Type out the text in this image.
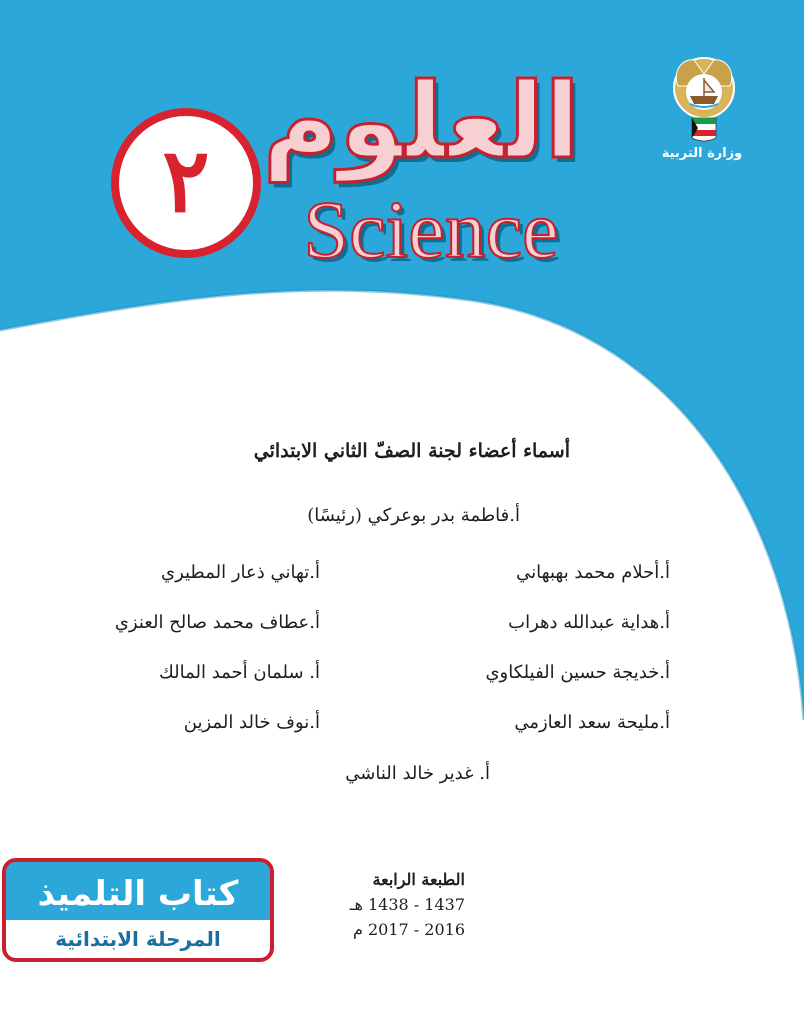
وزارة التربية
العلوم
Science
٢
الصفّ الثاني
الجزء الثاني
أسماء أعضاء لجنة الصفّ الثاني الابتدائي
أ.فاطمة بدر بوعركي (رئيسًا)
أ.أحلام محمد بهبهاني
أ.تهاني ذعار المطيري
أ.هداية عبدالله دهراب
أ.عطاف محمد صالح العنزي
أ.خديجة حسين الفيلكاوي
أ. سلمان أحمد المالك
أ.مليحة سعد العازمي
أ.نوف خالد المزين
أ. غدير خالد الناشي
الطبعة الرابعة
1437 - 1438 هـ
2016 - 2017 م
كتاب التلميذ
المرحلة الابتدائية
